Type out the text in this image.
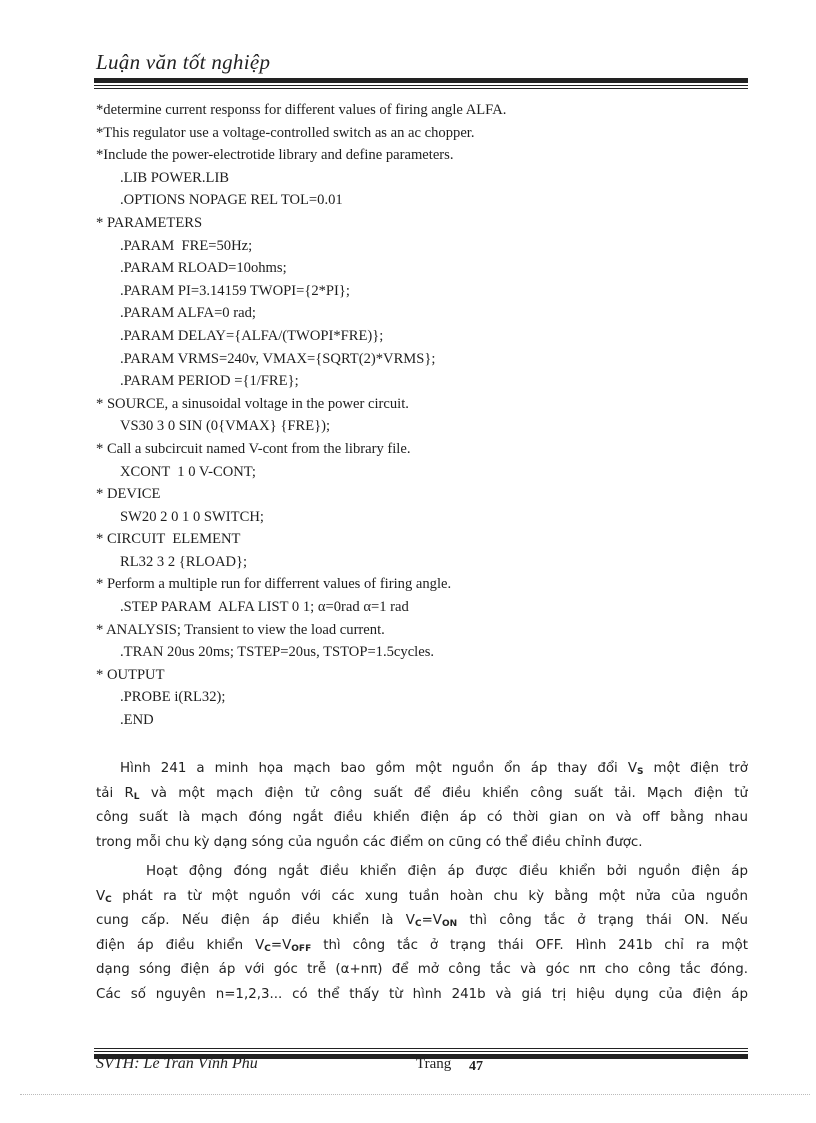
Luận văn tốt nghiệp
*determine current responss for different values of firing angle ALFA.
*This regulator use a voltage-controlled switch as an ac chopper.
*Include the power-electrotide library and define parameters.
.LIB POWER.LIB
.OPTIONS NOPAGE REL TOL=0.01
* PARAMETERS
.PARAM  FRE=50Hz;
.PARAM RLOAD=10ohms;
.PARAM PI=3.14159 TWOPI={2*PI};
.PARAM ALFA=0 rad;
.PARAM DELAY={ALFA/(TWOPI*FRE)};
.PARAM VRMS=240v, VMAX={SQRT(2)*VRMS};
.PARAM PERIOD ={1/FRE};
* SOURCE, a sinusoidal voltage in the power circuit.
VS30 3 0 SIN (0{VMAX} {FRE});
* Call a subcircuit named V-cont from the library file.
XCONT  1 0 V-CONT;
* DEVICE
SW20 2 0 1 0 SWITCH;
* CIRCUIT  ELEMENT
RL32 3 2 {RLOAD};
* Perform a multiple run for differrent values of firing angle.
.STEP PARAM  ALFA LIST 0 1; α=0rad α=1 rad
* ANALYSIS; Transient to view the load current.
.TRAN 20us 20ms; TSTEP=20us, TSTOP=1.5cycles.
* OUTPUT
.PROBE i(RL32);
.END
Hình 241 a minh họa mạch bao gồm một nguồn ổn áp thay đổi $V_S$ một điện trở
tải $R_L$ và một mạch điện tử công suất để điều khiển công suất tải. Mạch điện tử
công suất là mạch đóng ngắt điều khiển điện áp có thời gian on và off bằng nhau
trong mỗi chu kỳ dạng sóng của nguồn các điểm on cũng có thể điều chỉnh được.
Hoạt động đóng ngắt điều khiển điện áp được điều khiển bởi nguồn điện áp
$V_C$ phát ra từ một nguồn với các xung tuần hoàn chu kỳ bằng một nửa của nguồn
cung cấp. Nếu điện áp điều khiển là $V_C=V_{ON}$ thì công tắc ở trạng thái ON. Nếu
điện áp điều khiển $V_C=V_{OFF}$ thì công tắc ở trạng thái OFF. Hình 241b chỉ ra một
dạng sóng điện áp với góc trễ (α+nπ) để mở công tắc và góc nπ cho công tắc đóng.
Các số nguyên n=1,2,3... có thể thấy từ hình 241b và giá trị hiệu dụng của điện áp
SVTH: Lê Trần Vĩnh Phú	Trang 47
